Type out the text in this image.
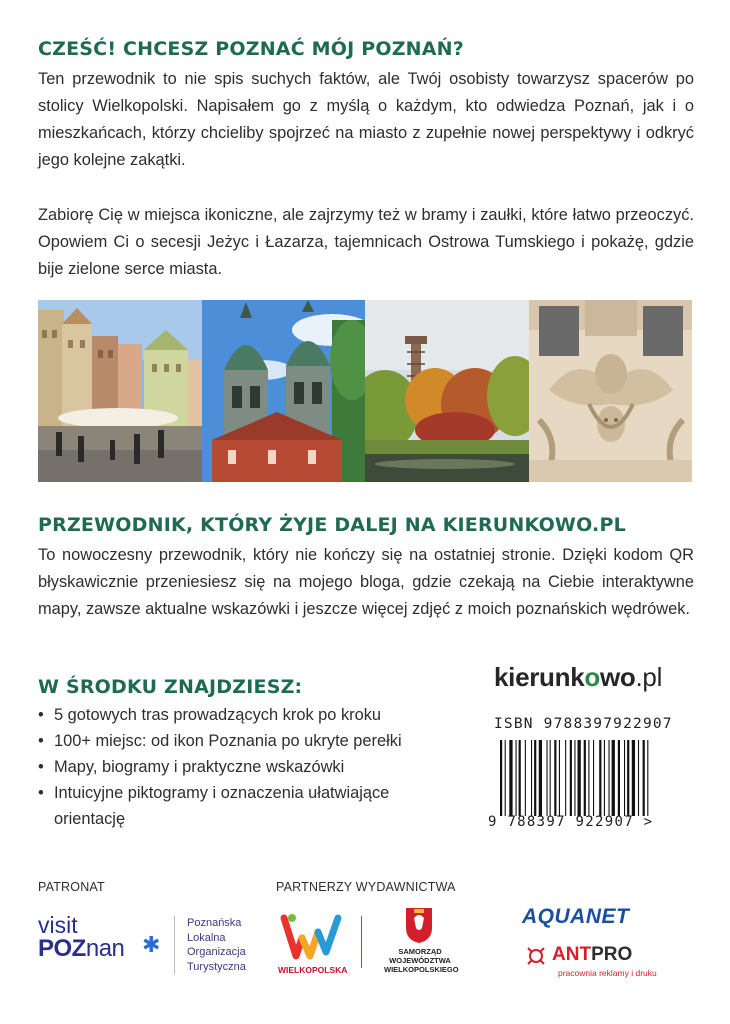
CZEŚĆ! CHCESZ POZNAĆ MÓJ POZNAŃ?

Ten przewodnik to nie spis suchych faktów, ale Twój osobisty towarzysz spacerów po stolicy Wielkopolski. Napisałem go z myślą o każdym, kto odwiedza Poznań, jak i o mieszkańcach, którzy chcieliby spojrzeć na miasto z zupełnie nowej perspektywy i odkryć jego kolejne zakątki.

Zabiorę Cię w miejsca ikoniczne, ale zajrzymy też w bramy i zaułki, które łatwo przeoczyć. Opowiem Ci o secesji Jeżyc i Łazarza, tajemnicach Ostrowa Tumskiego i pokażę, gdzie bije zielone serce miasta.

PRZEWODNIK, KTÓRY ŻYJE DALEJ NA KIERUNKOWO.PL

To nowoczesny przewodnik, który nie kończy się na ostatniej stronie. Dzięki kodom QR błyskawicznie przeniesiesz się na mojego bloga, gdzie czekają na Ciebie interaktywne mapy, zawsze aktualne wskazówki i jeszcze więcej zdjęć z moich poznańskich wędrówek.

W ŚRODKU ZNAJDZIESZ:
• 5 gotowych tras prowadzących krok po kroku
• 100+ miejsc: od ikon Poznania po ukryte perełki
• Mapy, biogramy i praktyczne wskazówki
• Intuicyjne piktogramy i oznaczenia ułatwiające orientację
kierunkowo.pl
ISBN 9788397922907
9 788397 922907 >
PATRONAT	PARTNERZY WYDAWNICTWA
visit
POZnan ✱
Poznańska
Lokalna
Organizacja
Turystyczna	WIELKOPOLSKA
SAMORZĄD
WOJEWÓDZTWA
WIELKOPOLSKIEGO
AQUANET
ANTPRO
pracownia reklamy i druku
